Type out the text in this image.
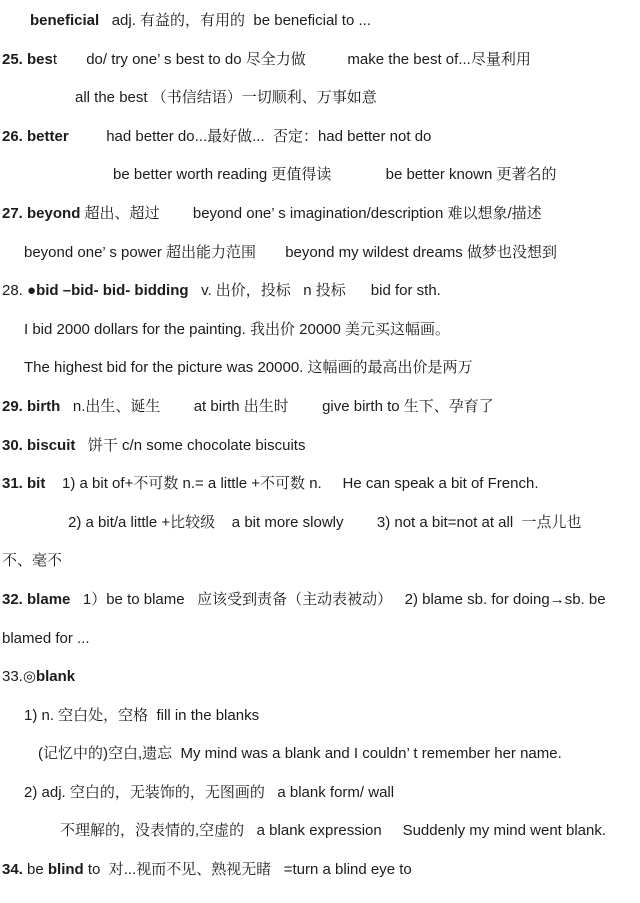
beneficial   adj. 有益的，有用的  be beneficial to ...
25. best       do/ try one’ s best to do 尽全力做          make the best of...尽量利用
all the best （书信结语）一切顺利、万事如意
26. better         had better do...最好做...  否定：had better not do
be better worth reading 更值得读             be better known 更著名的
27. beyond 超出、超过        beyond one’ s imagination/description 难以想象/描述
beyond one’ s power 超出能力范围       beyond my wildest dreams 做梦也没想到
28. ●bid –bid- bid- bidding   v. 出价，投标   n 投标      bid for sth.
I bid 2000 dollars for the painting. 我出价 20000 美元买这幅画。
The highest bid for the picture was 20000. 这幅画的最高出价是两万
29. birth   n.出生、诞生        at birth 出生时        give birth to 生下、孕育了
30. biscuit   饼干 c/n some chocolate biscuits
31. bit    1) a bit of+不可数 n.= a little +不可数 n.     He can speak a bit of French.
2) a bit/a little +比较级    a bit more slowly        3) not a bit=not at all  一点儿也
不、毫不
32. blame   1）be to blame   应该受到责备（主动表被动）   2) blame sb. for doing→sb. be
blamed for ...
33.◎blank
1) n. 空白处，空格  fill in the blanks
(记忆中的)空白,遗忘  My mind was a blank and I couldn’ t remember her name.
2) adj. 空白的，无装饰的，无图画的   a blank form/ wall
不理解的，没表情的,空虚的   a blank expression     Suddenly my mind went blank.
34. be blind to  对...视而不见、熟视无睹   =turn a blind eye to
